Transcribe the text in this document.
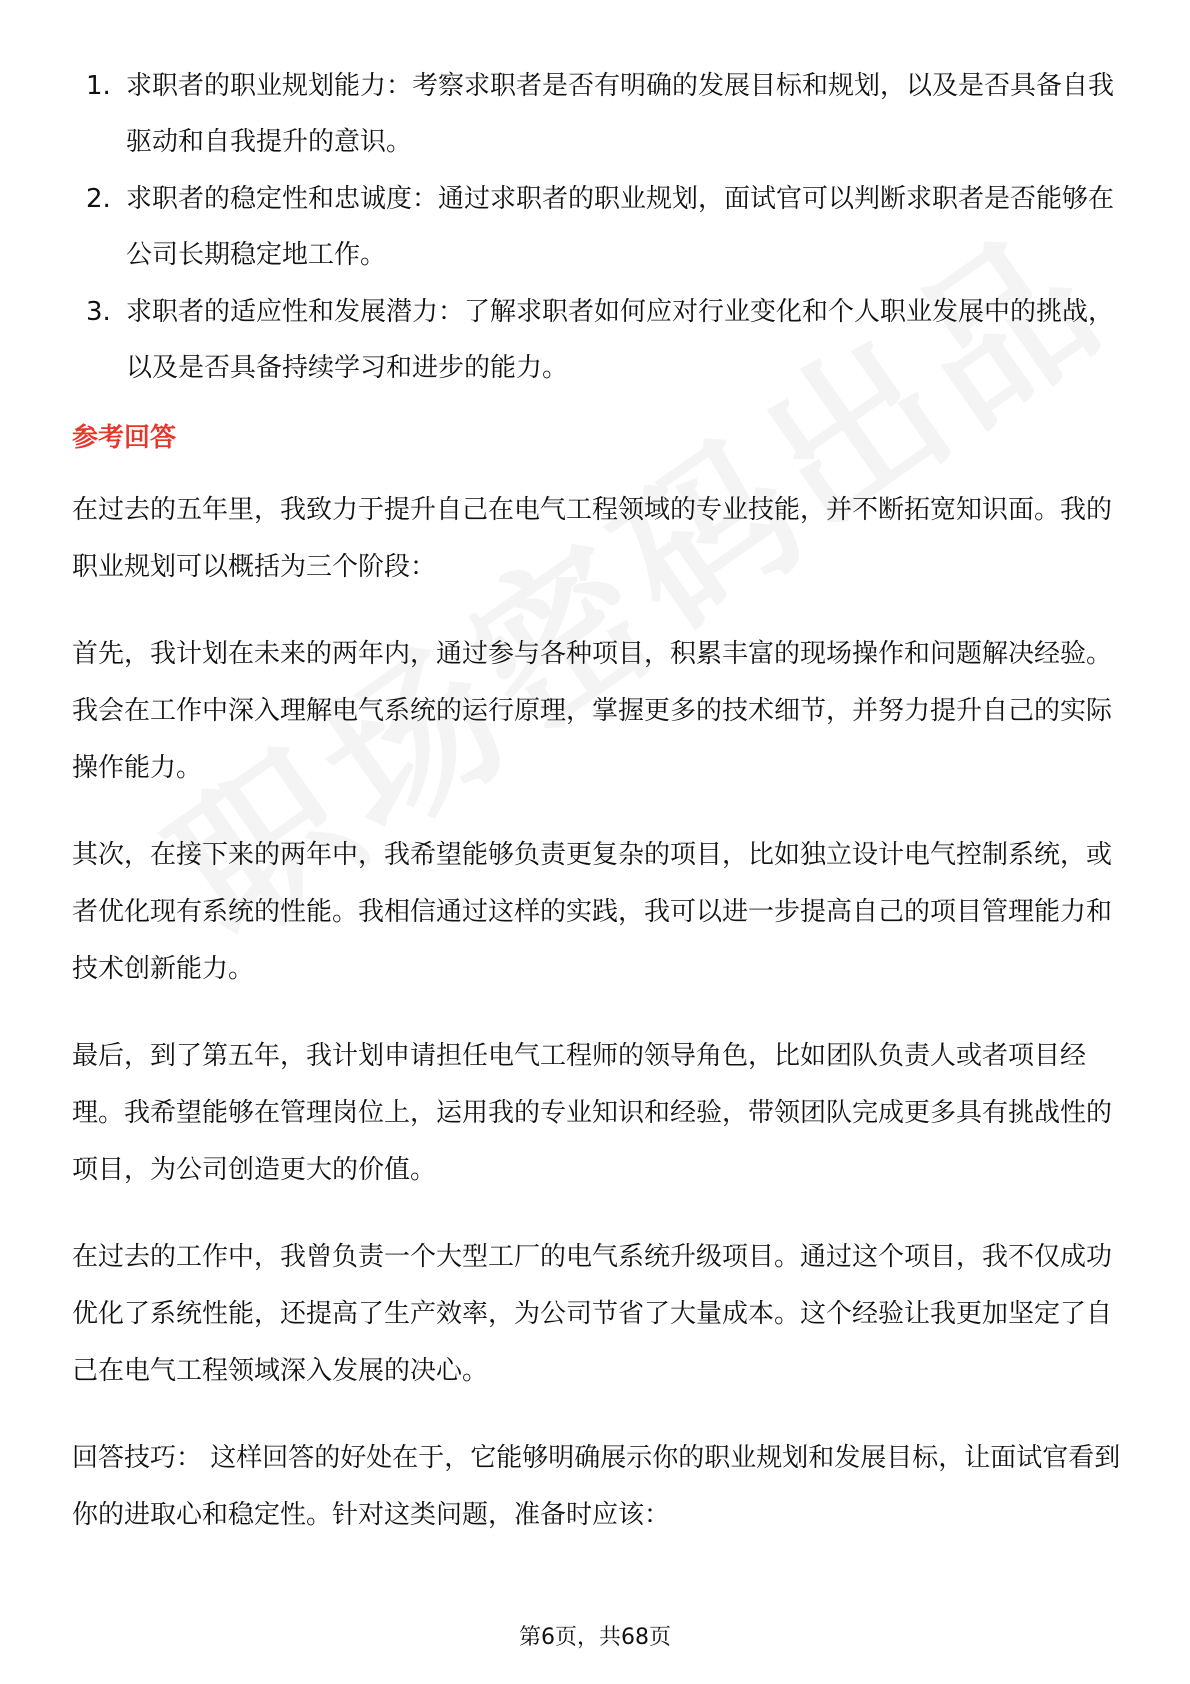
1. 求职者的职业规划能力：考察求职者是否有明确的发展目标和规划，以及是否具备自我驱动和自我提升的意识。
2. 求职者的稳定性和忠诚度：通过求职者的职业规划，面试官可以判断求职者是否能够在公司长期稳定地工作。
3. 求职者的适应性和发展潜力：了解求职者如何应对行业变化和个人职业发展中的挑战，以及是否具备持续学习和进步的能力。
参考回答

在过去的五年里，我致力于提升自己在电气工程领域的专业技能，并不断拓宽知识面。我的职业规划可以概括为三个阶段：

首先，我计划在未来的两年内，通过参与各种项目，积累丰富的现场操作和问题解决经验。我会在工作中深入理解电气系统的运行原理，掌握更多的技术细节，并努力提升自己的实际操作能力。

其次，在接下来的两年中，我希望能够负责更复杂的项目，比如独立设计电气控制系统，或者优化现有系统的性能。我相信通过这样的实践，我可以进一步提高自己的项目管理能力和技术创新能力。

最后，到了第五年，我计划申请担任电气工程师的领导角色，比如团队负责人或者项目经理。我希望能够在管理岗位上，运用我的专业知识和经验，带领团队完成更多具有挑战性的项目，为公司创造更大的价值。

在过去的工作中，我曾负责一个大型工厂的电气系统升级项目。通过这个项目，我不仅成功优化了系统性能，还提高了生产效率，为公司节省了大量成本。这个经验让我更加坚定了自己在电气工程领域深入发展的决心。

回答技巧： 这样回答的好处在于，它能够明确展示你的职业规划和发展目标，让面试官看到你的进取心和稳定性。针对这类问题，准备时应该：

第6页，共68页
